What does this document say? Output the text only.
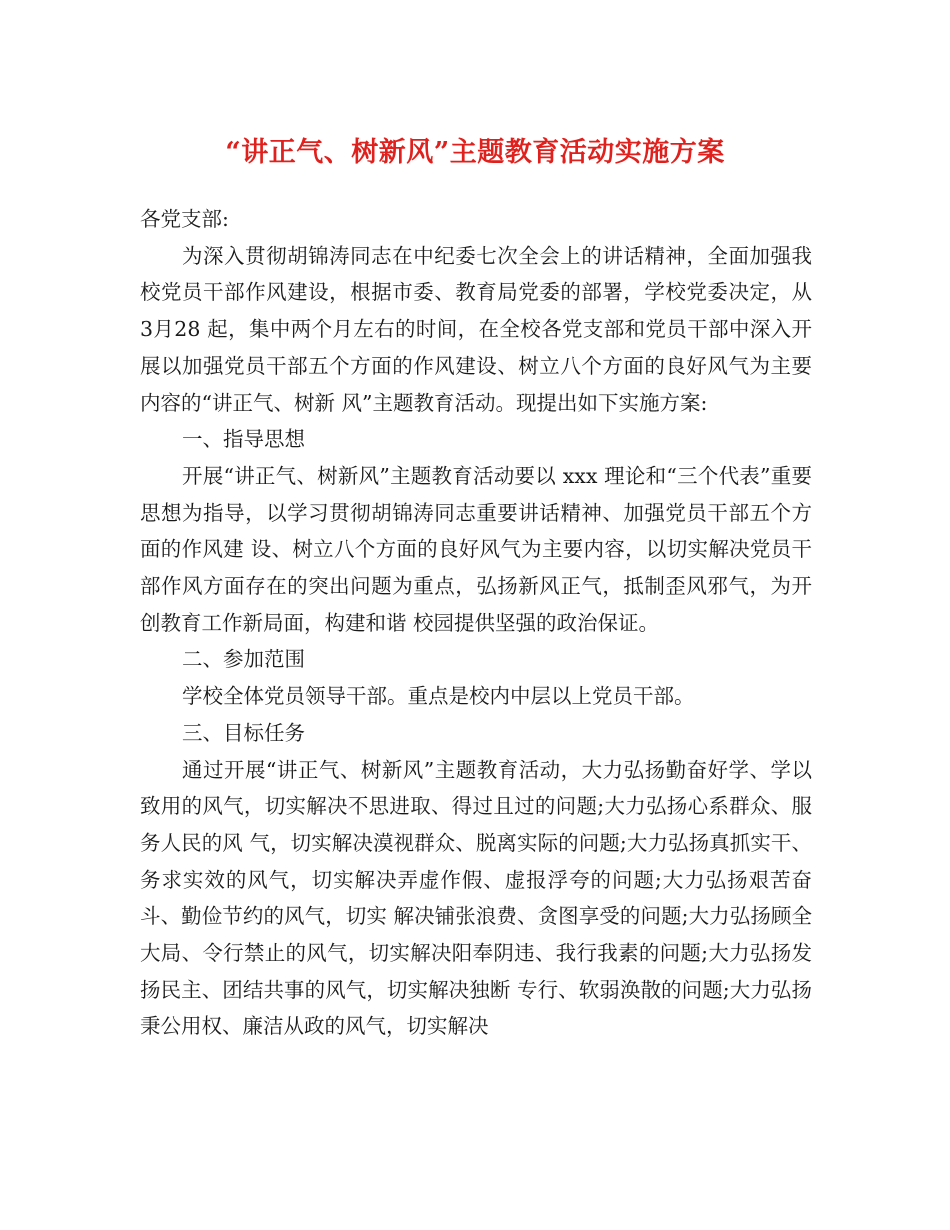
“讲正气、树新风”主题教育活动实施方案

各党支部:

为深入贯彻胡锦涛同志在中纪委七次全会上的讲话精神，全面加强我校党员干部作风建设，根据市委、教育局党委的部署，学校党委决定，从 3月28 起，集中两个月左右的时间，在全校各党支部和党员干部中深入开展以加强党员干部五个方面的作风建设、树立八个方面的良好风气为主要内容的“讲正气、树新 风”主题教育活动。现提出如下实施方案:

一、指导思想

开展“讲正气、树新风”主题教育活动要以 xxx 理论和“三个代表”重要思想为指导，以学习贯彻胡锦涛同志重要讲话精神、加强党员干部五个方面的作风建 设、树立八个方面的良好风气为主要内容，以切实解决党员干部作风方面存在的突出问题为重点，弘扬新风正气，抵制歪风邪气，为开创教育工作新局面，构建和谐 校园提供坚强的政治保证。

二、参加范围

学校全体党员领导干部。重点是校内中层以上党员干部。

三、目标任务

通过开展“讲正气、树新风”主题教育活动，大力弘扬勤奋好学、学以致用的风气，切实解决不思进取、得过且过的问题;大力弘扬心系群众、服务人民的风 气，切实解决漠视群众、脱离实际的问题;大力弘扬真抓实干、务求实效的风气，切实解决弄虚作假、虚报浮夸的问题;大力弘扬艰苦奋斗、勤俭节约的风气，切实 解决铺张浪费、贪图享受的问题;大力弘扬顾全大局、令行禁止的风气，切实解决阳奉阴违、我行我素的问题;大力弘扬发扬民主、团结共事的风气，切实解决独断 专行、软弱涣散的问题;大力弘扬秉公用权、廉洁从政的风气，切实解决
